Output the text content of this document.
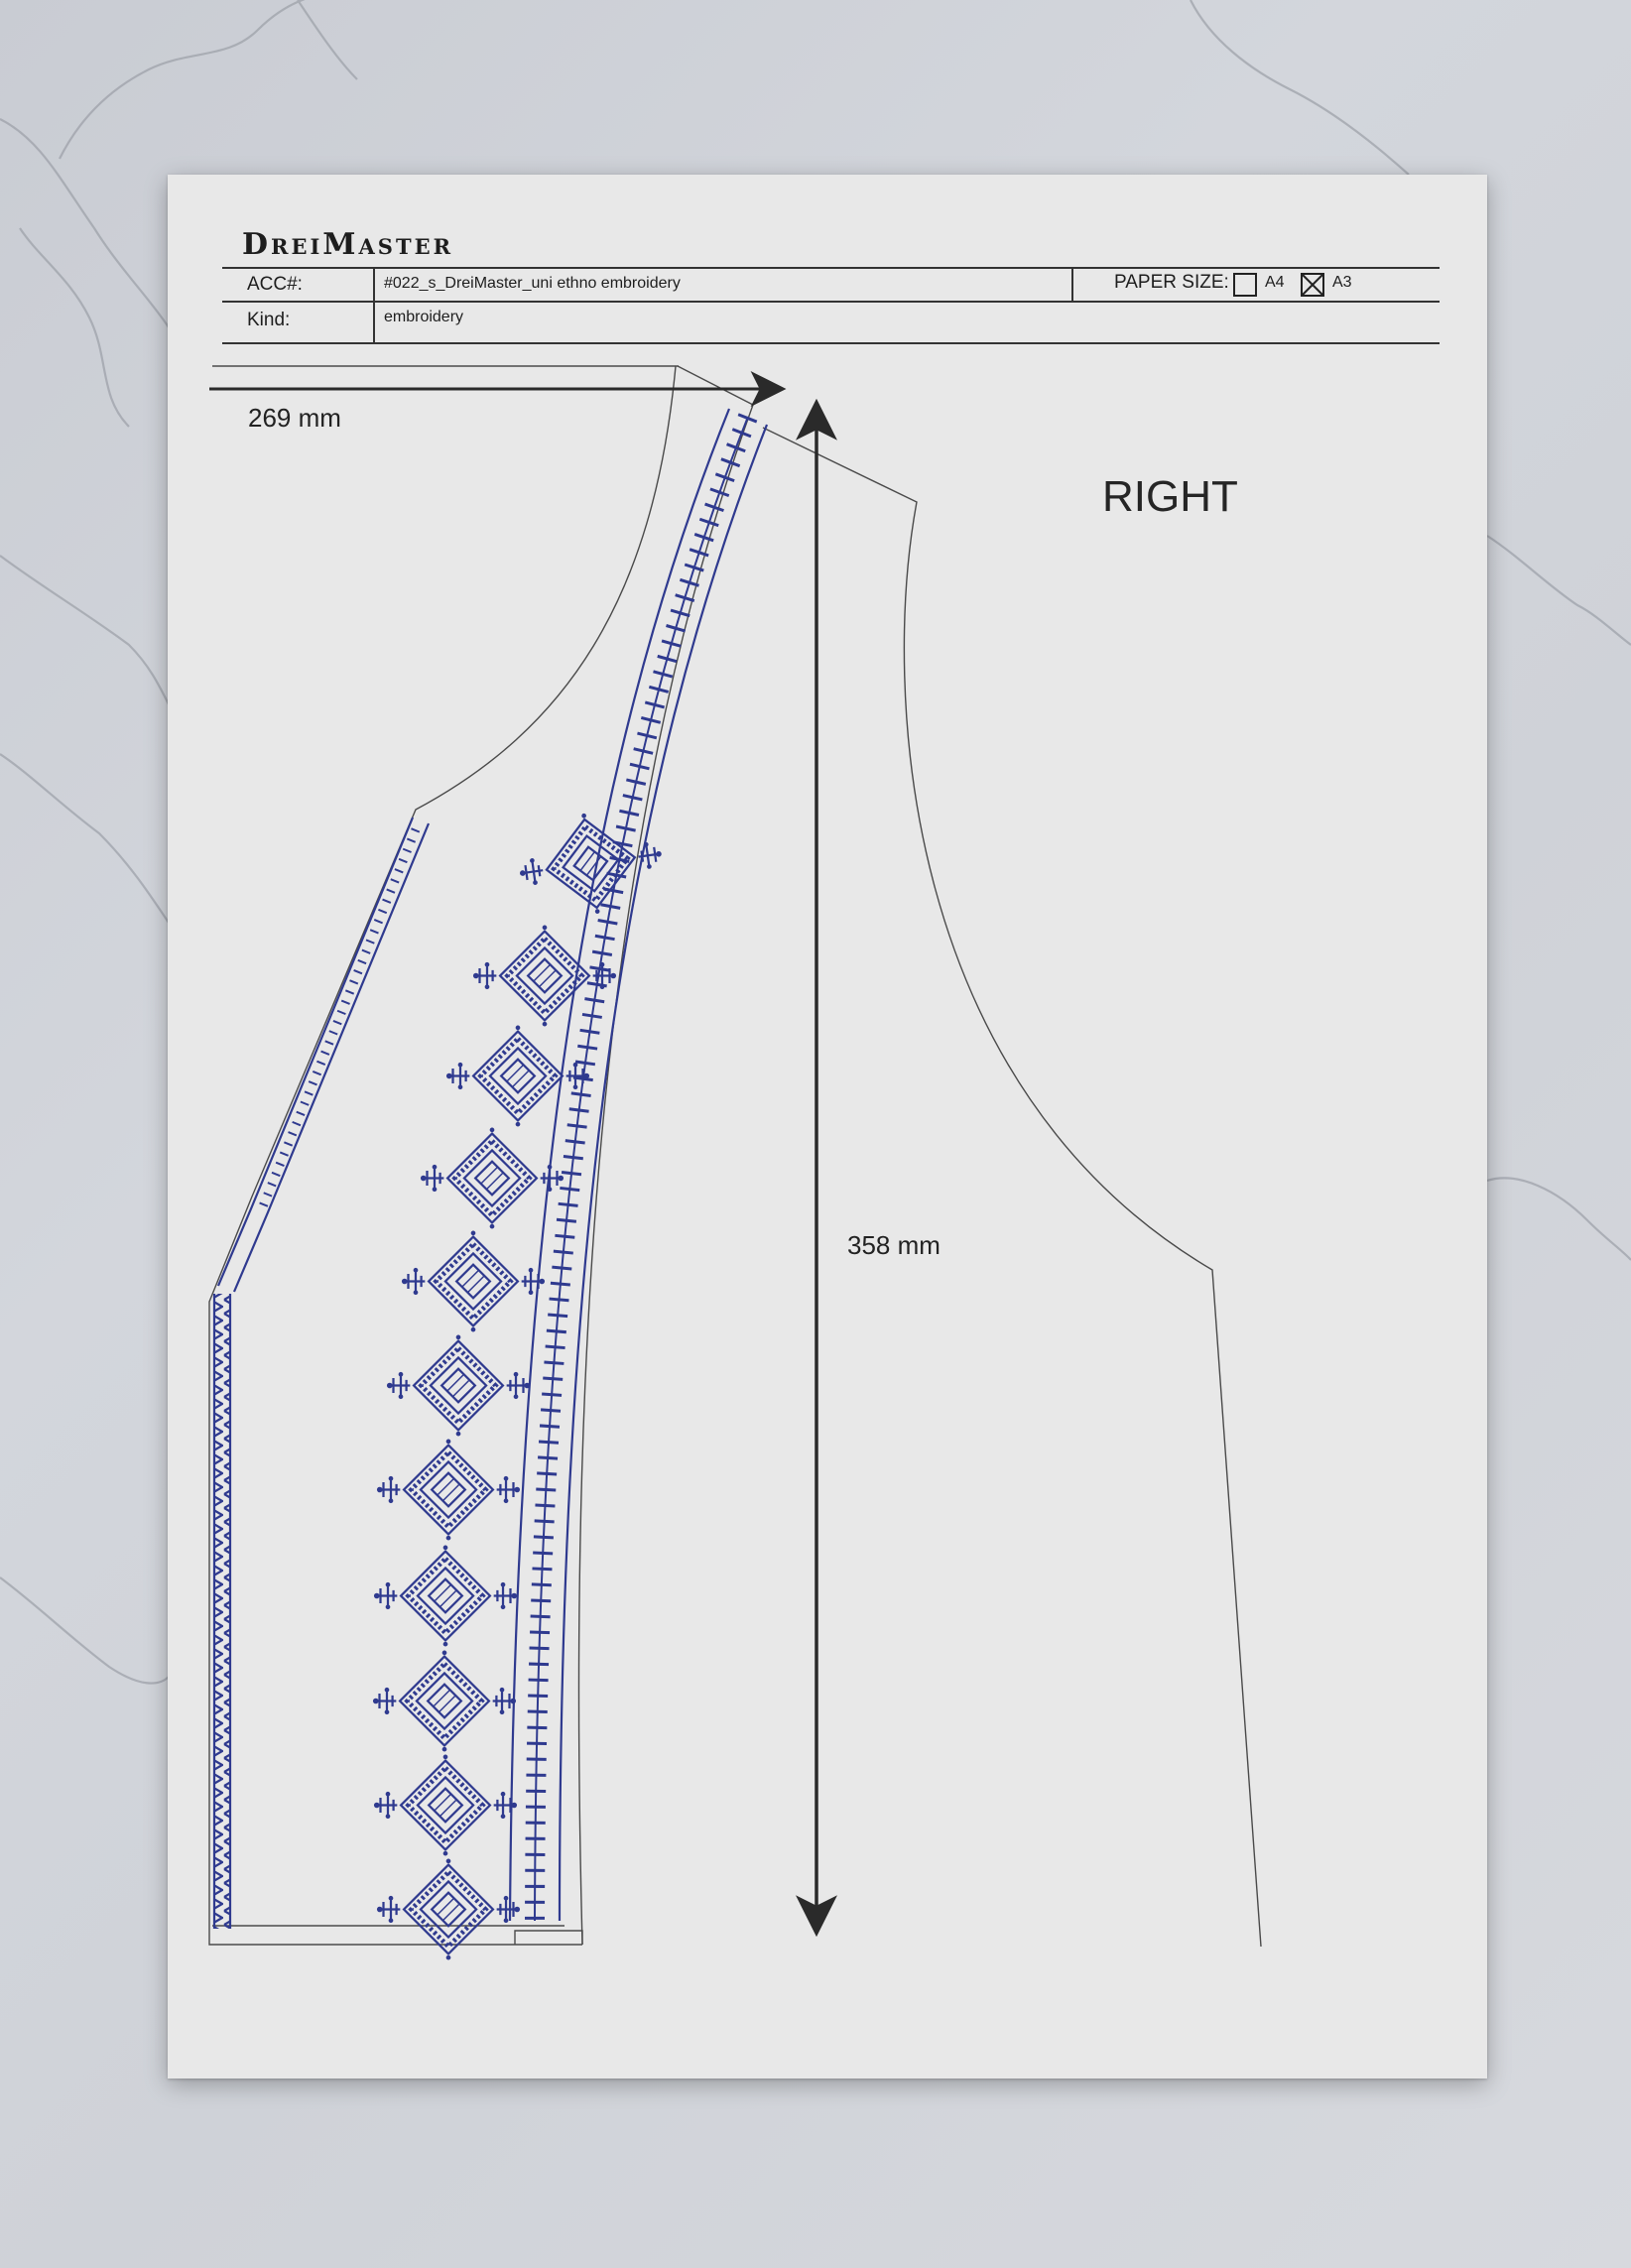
DreiMaster
ACC#:	#022_s_DreiMaster_uni ethno embroidery	PAPER SIZE: A4	A3
Kind:	embroidery
269 mm
358 mm
RIGHT
